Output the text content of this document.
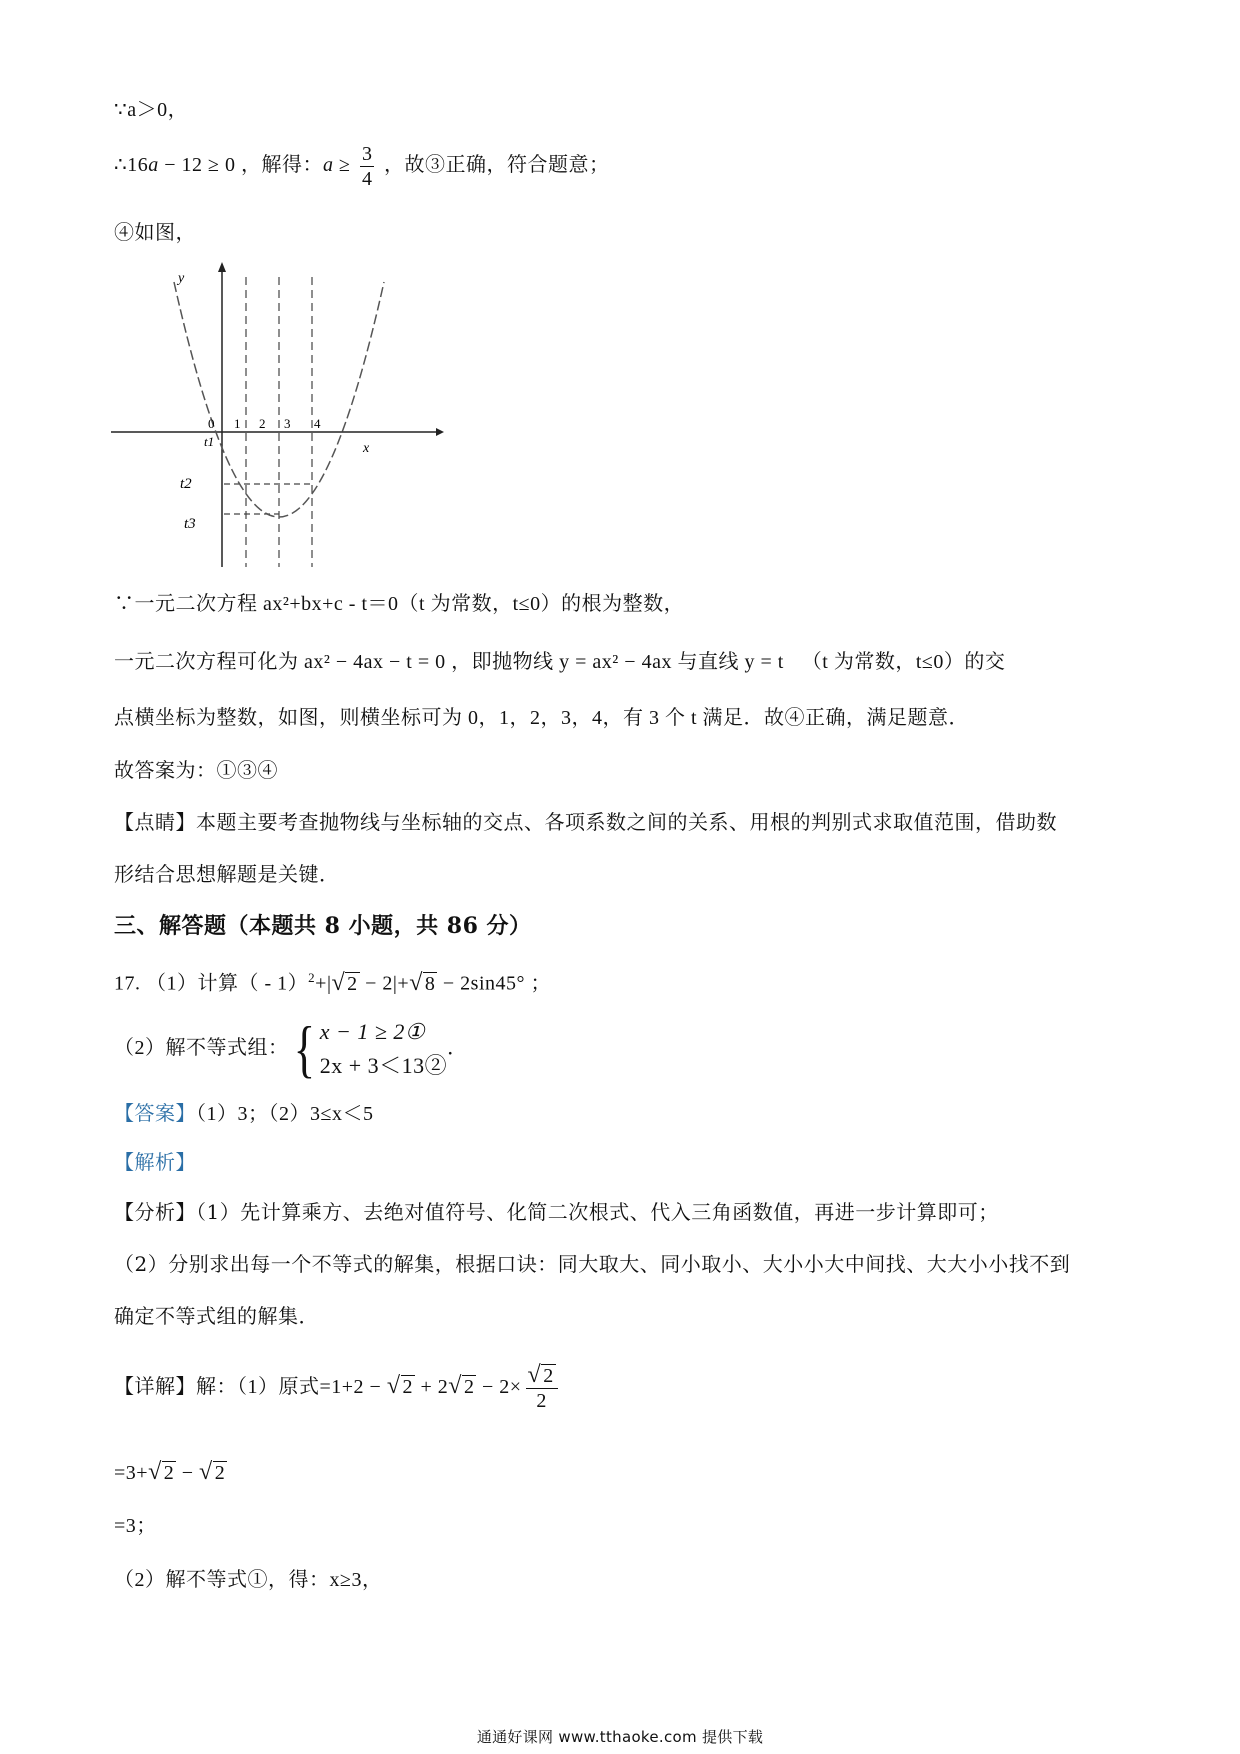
∵a＞0，
∴16a − 12 ≥ 0 ，解得：$a \ge \frac{3}{4}$ ，故③正确，符合题意；
④如图，
y
x
0 1 2 3 4
t1
t2
t3
∵一元二次方程 ax²+bx+c - t＝0（t 为常数，t≤0）的根为整数，
一元二次方程可化为 ax² − 4ax − t = 0 ，即抛物线 y = ax² − 4ax 与直线 y = t （t 为常数，t≤0）的交
点横坐标为整数，如图，则横坐标可为 0，1，2，3，4，有 3 个 t 满足．故④正确，满足题意．
故答案为：①③④
【点睛】本题主要考查抛物线与坐标轴的交点、各项系数之间的关系、用根的判别式求取值范围，借助数
形结合思想解题是关键．
三、解答题（本题共 8 小题，共 86 分）
17. （1）计算（ - 1）$^2$+|√ 2 − 2|+√ 8 − 2sin45° ；
（2）解不等式组：{ x − 1 ≥ 2①
2x + 3＜13②
．
【答案】（1）3；（2）3≤x＜5
【解析】
【分析】（1）先计算乘方、去绝对值符号、化简二次根式、代入三角函数值，再进一步计算即可；
（2）分别求出每一个不等式的解集，根据口诀：同大取大、同小取小、大小小大中间找、大大小小找不到
确定不等式组的解集．
【详解】解：（1）原式=1+2 − √ 2 + 2√ $2 - 2\times \frac{√ 2}{2}$
=3+√ 2 − √ 2
=3；
（2）解不等式①，得：x≥3，
通通好课网 www.tthaoke.com 提供下载
